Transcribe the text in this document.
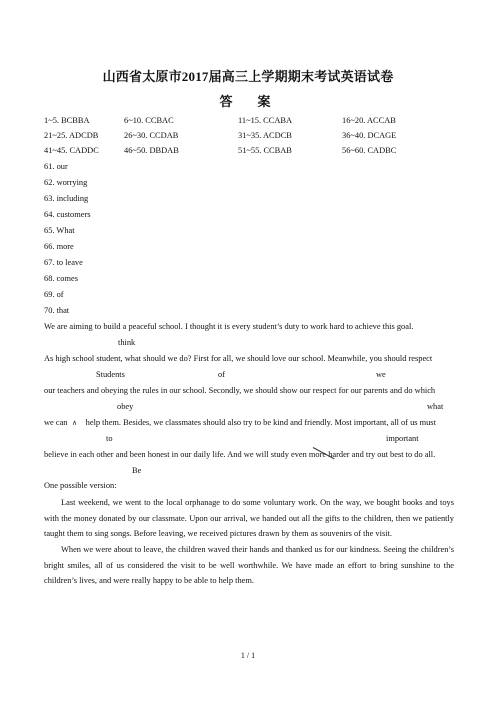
山西省太原市2017届高三上学期期末考试英语试卷
答　案
1~5. BCBBA	6~10. CCBAC	11~15. CCABA	16~20. ACCAB
21~25. ADCDB	26~30. CCDAB	31~35. ACDCB	36~40. DCAGE
41~45. CADDC	46~50. DBDAB	51~55. CCBAB	56~60. CADBC
61. our
62. worrying
63. including
64. customers
65. What
66. more
67. to leave
68. comes
69. of
70. that
We are aiming to build a peaceful school. I thought it is every student’s duty to work hard to achieve this goal.
think
As high school student, what should we do? First for all, we should love our school. Meanwhile, you should respect
Students	of	we
our teachers and obeying the rules in our school. Secondly, we should show our respect for our parents and do which
obey	what
we can help them. Besides, we classmates should also try to be kind and friendly. Most important, all of us must
∧
to	important
believe in each other and been honest in our daily life. And we will study even more harder and try out best to do all.
Be
One possible version:

Last weekend, we went to the local orphanage to do some voluntary work. On the way, we bought books and toys with the money donated by our classmate. Upon our arrival, we handed out all the gifts to the children, then we patiently taught them to sing songs. Before leaving, we received pictures drawn by them as souvenirs of the visit.

When we were about to leave, the children waved their hands and thanked us for our kindness. Seeing the children’s bright smiles, all of us considered the visit to be well worthwhile. We have made an effort to bring sunshine to the children’s lives, and were really happy to be able to help them.

1 / 1
